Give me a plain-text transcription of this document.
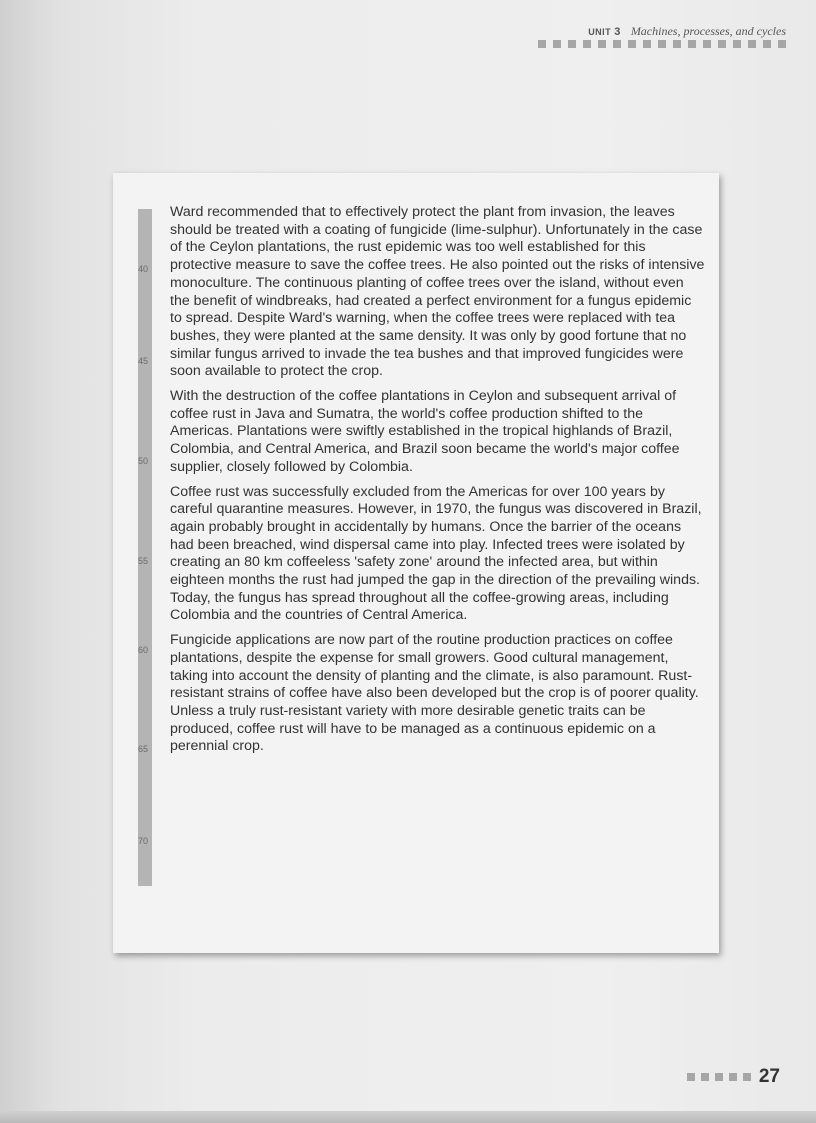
UNIT 3 Machines, processes, and cycles
40
45
50
55
60
65
70

Ward recommended that to effectively protect the plant from invasion, the leaves should be treated with a coating of fungicide (lime-sulphur). Unfortunately in the case of the Ceylon plantations, the rust epidemic was too well established for this protective measure to save the coffee trees. He also pointed out the risks of intensive monoculture. The continuous planting of coffee trees over the island, without even the benefit of windbreaks, had created a perfect environment for a fungus epidemic to spread. Despite Ward's warning, when the coffee trees were replaced with tea bushes, they were planted at the same density. It was only by good fortune that no similar fungus arrived to invade the tea bushes and that improved fungicides were soon available to protect the crop.

With the destruction of the coffee plantations in Ceylon and subsequent arrival of coffee rust in Java and Sumatra, the world's coffee production shifted to the Americas. Plantations were swiftly established in the tropical highlands of Brazil, Colombia, and Central America, and Brazil soon became the world's major coffee supplier, closely followed by Colombia.

Coffee rust was successfully excluded from the Americas for over 100 years by careful quarantine measures. However, in 1970, the fungus was discovered in Brazil, again probably brought in accidentally by humans. Once the barrier of the oceans had been breached, wind dispersal came into play. Infected trees were isolated by creating an 80 km coffeeless 'safety zone' around the infected area, but within eighteen months the rust had jumped the gap in the direction of the prevailing winds. Today, the fungus has spread throughout all the coffee-growing areas, including Colombia and the countries of Central America.

Fungicide applications are now part of the routine production practices on coffee plantations, despite the expense for small growers. Good cultural management, taking into account the density of planting and the climate, is also paramount. Rust-resistant strains of coffee have also been developed but the crop is of poorer quality. Unless a truly rust-resistant variety with more desirable genetic traits can be produced, coffee rust will have to be managed as a continuous epidemic on a perennial crop.

27
